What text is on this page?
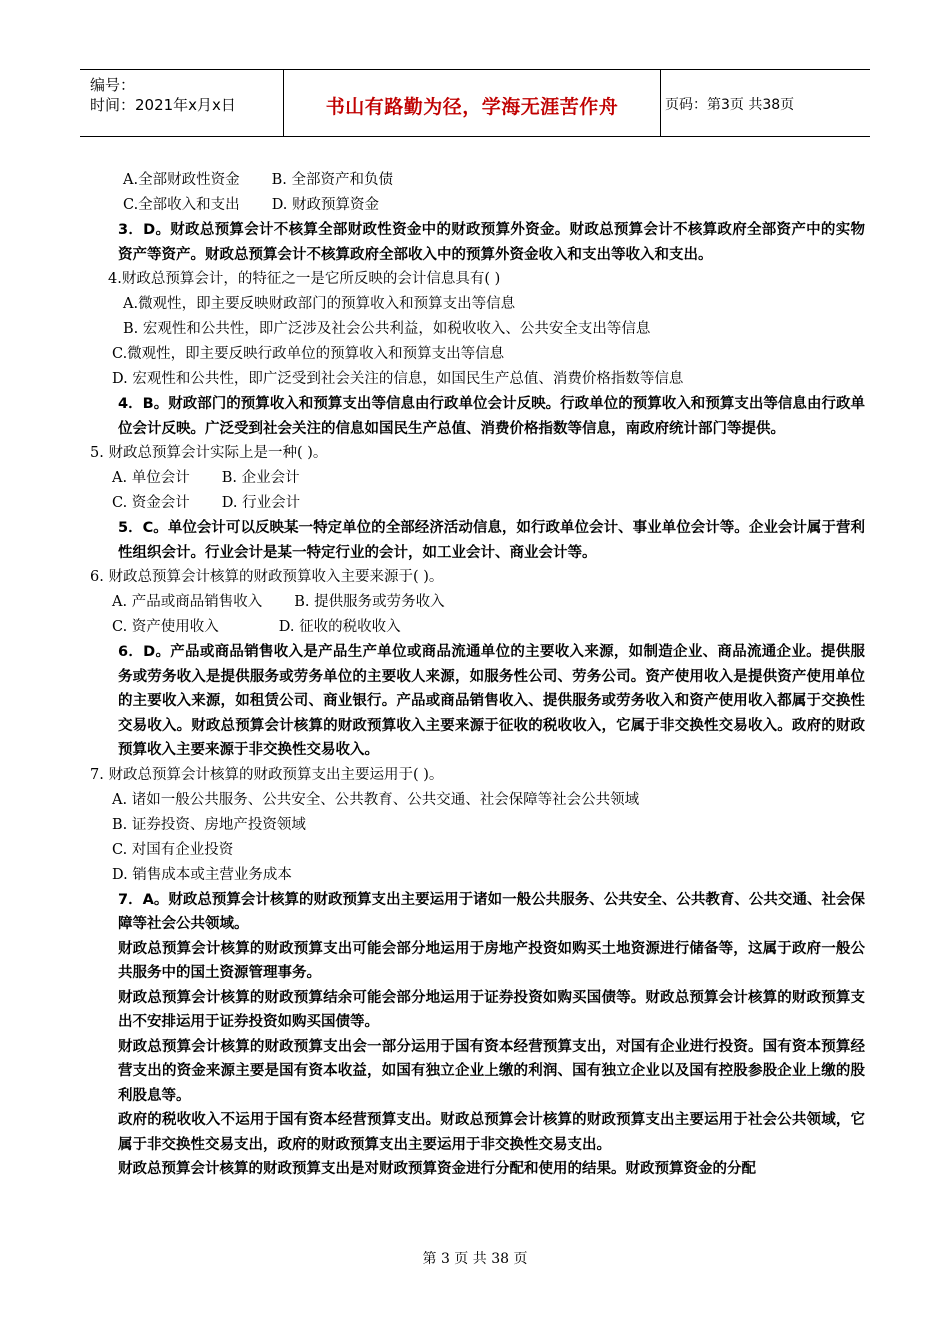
编号：
时间：2021年x月x日	书山有路勤为径，学海无涯苦作舟	页码：第3页 共38页
A.全部财政性资金 B. 全部资产和负债
C.全部收入和支出 D. 财政预算资金
3．D。财政总预算会计不核算全部财政性资金中的财政预算外资金。财政总预算会计不核算政府全部资产中的实物资产等资产。财政总预算会计不核算政府全部收入中的预算外资金收入和支出等收入和支出。
4.财政总预算会计，的特征之一是它所反映的会计信息具有( )
A.微观性，即主要反映财政部门的预算收入和预算支出等信息
B. 宏观性和公共性，即广泛涉及社会公共利益，如税收收入、公共安全支出等信息
C.微观性，即主要反映行政单位的预算收入和预算支出等信息
D. 宏观性和公共性，即广泛受到社会关注的信息，如国民生产总值、消费价格指数等信息
4．B。财政部门的预算收入和预算支出等信息由行政单位会计反映。行政单位的预算收入和预算支出等信息由行政单位会计反映。广泛受到社会关注的信息如国民生产总值、消费价格指数等信息，南政府统计部门等提供。
5. 财政总预算会计实际上是一种( )。
A. 单位会计 B. 企业会计
C. 资金会计 D. 行业会计
5．C。单位会计可以反映某一特定单位的全部经济活动信息，如行政单位会计、事业单位会计等。企业会计属于营利性组织会计。行业会计是某一特定行业的会计，如工业会计、商业会计等。
6. 财政总预算会计核算的财政预算收入主要来源于( )。
A. 产品或商品销售收入 B. 提供服务或劳务收入
C. 资产使用收入	D. 征收的税收收入
6．D。产品或商品销售收入是产品生产单位或商品流通单位的主要收入来源，如制造企业、商品流通企业。提供服务或劳务收入是提供服务或劳务单位的主要收人来源，如服务性公司、劳务公司。资产使用收入是提供资产使用单位的主要收入来源，如租赁公司、商业银行。产品或商品销售收入、提供服务或劳务收入和资产使用收入都属于交换性交易收入。财政总预算会计核算的财政预算收入主要来源于征收的税收收入，它属于非交换性交易收入。政府的财政预算收入主要来源于非交换性交易收入。
7. 财政总预算会计核算的财政预算支出主要运用于( )。
A. 诸如一般公共服务、公共安全、公共教育、公共交通、社会保障等社会公共领域
B. 证券投资、房地产投资领域
C. 对国有企业投资
D. 销售成本或主营业务成本
7．A。财政总预算会计核算的财政预算支出主要运用于诸如一般公共服务、公共安全、公共教育、公共交通、社会保障等社会公共领域。
财政总预算会计核算的财政预算支出可能会部分地运用于房地产投资如购买土地资源进行储备等，这属于政府一般公共服务中的国土资源管理事务。
财政总预算会计核算的财政预算结余可能会部分地运用于证券投资如购买国债等。财政总预算会计核算的财政预算支出不安排运用于证券投资如购买国债等。
财政总预算会计核算的财政预算支出会一部分运用于国有资本经营预算支出，对国有企业进行投资。国有资本预算经营支出的资金来源主要是国有资本收益，如国有独立企业上缴的利润、国有独立企业以及国有控股参股企业上缴的股利股息等。
政府的税收收入不运用于国有资本经营预算支出。财政总预算会计核算的财政预算支出主要运用于社会公共领域，它属于非交换性交易支出，政府的财政预算支出主要运用于非交换性交易支出。
财政总预算会计核算的财政预算支出是对财政预算资金进行分配和使用的结果。财政预算资金的分配
第 3 页 共 38 页
